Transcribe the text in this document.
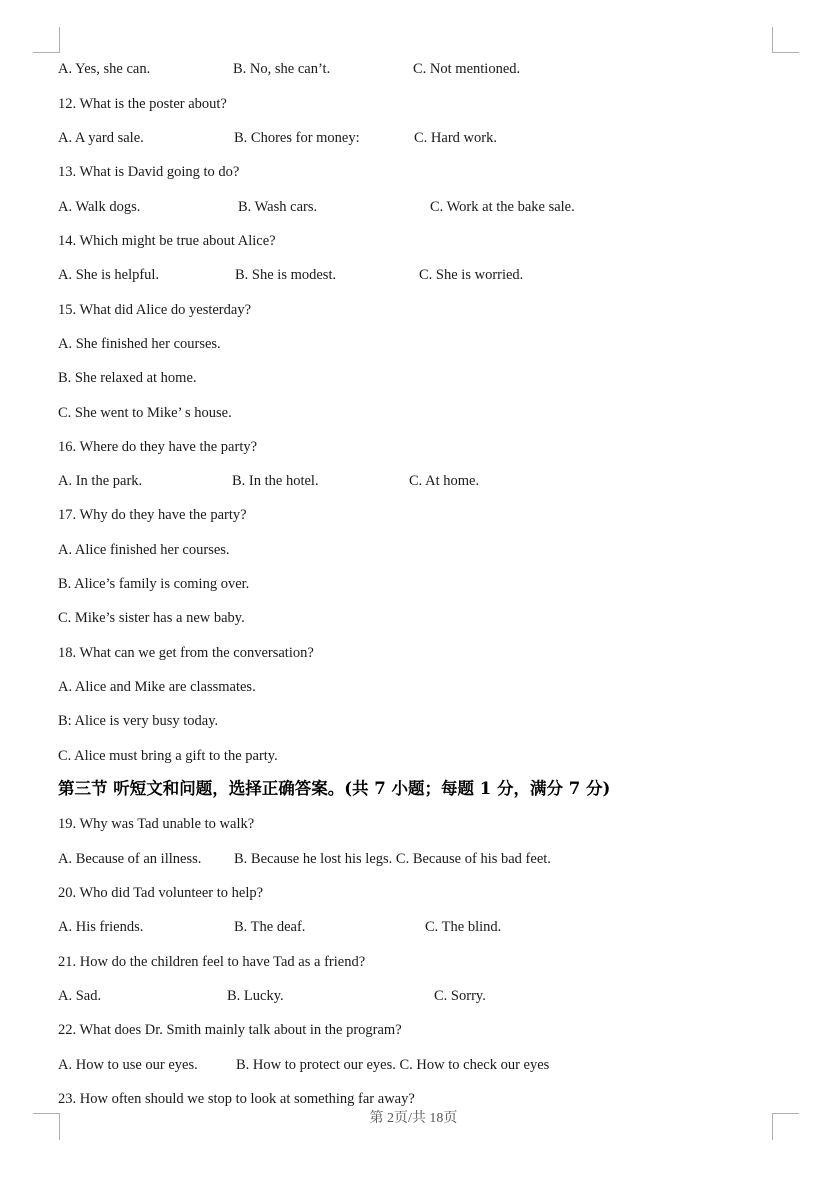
A. Yes, she can.	B. No, she can’t.	C. Not mentioned.
12. What is the poster about?
A. A yard sale.	B. Chores for money:	C. Hard work.
13. What is David going to do?
A. Walk dogs.	B. Wash cars.	C. Work at the bake sale.
14. Which might be true about Alice?
A. She is helpful.	B. She is modest.	C. She is worried.
15. What did Alice do yesterday?
A. She finished her courses.
B. She relaxed at home.
C. She went to Mike’ s house.
16. Where do they have the party?
A. In the park.	B. In the hotel.	C. At home.
17. Why do they have the party?
A. Alice finished her courses.
B. Alice’s family is coming over.
C. Mike’s sister has a new baby.
18. What can we get from the conversation?
A. Alice and Mike are classmates.
B: Alice is very busy today.
C. Alice must bring a gift to the party.
第三节 听短文和问题，选择正确答案。(共 7 小题；每题 1 分，满分 7 分)
19. Why was Tad unable to walk?
A. Because of an illness. B. Because he lost his legs. C. Because of his bad feet.
20. Who did Tad volunteer to help?
A. His friends.	B. The deaf.	C. The blind.
21. How do the children feel to have Tad as a friend?
A. Sad.	B. Lucky.	C. Sorry.
22. What does Dr. Smith mainly talk about in the program?
A. How to use our eyes.	B. How to protect our eyes. C. How to check our eyes
23. How often should we stop to look at something far away?
第 2页/共 18页
